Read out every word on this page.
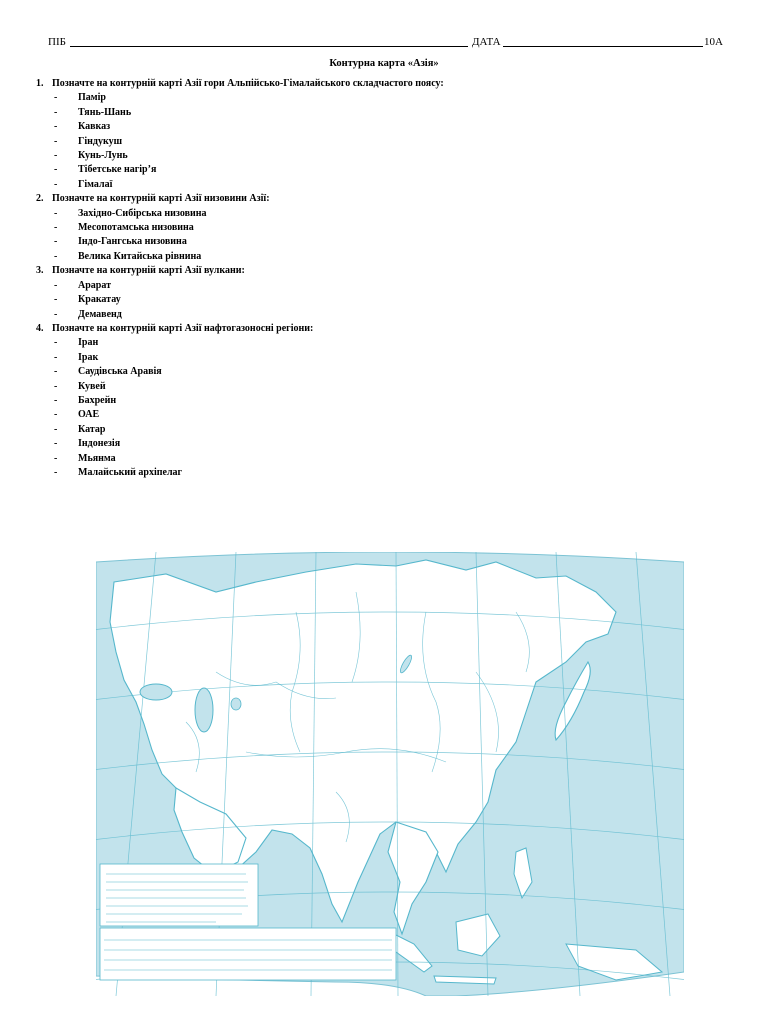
ПІБ	ДАТА	10А
Контурна карта «Азія»
1. Позначте на контурній карті Азії гори Альпійсько-Гімалайського складчастого поясу:
-	Памір
-	Тянь-Шань
-	Кавказ
-	Гіндукуш
-	Кунь-Лунь
-	Тібетське нагір’я
-	Гімалаї
2. Позначте на контурній карті Азії низовини Азії:
-	Західно-Сибірська низовина
-	Месопотамська низовина
-	Індо-Гангська низовина
-	Велика Китайська рівнина
3. Позначте на контурній карті Азії вулкани:
-	Арарат
-	Кракатау
-	Демавенд
4. Позначте на контурній карті Азії нафтогазоносні регіони:
-	Іран
-	Ірак
-	Саудівська Аравія
-	Кувей
-	Бахрейн
-	ОАЕ
-	Катар
-	Індонезія
-	Мьянма
-	Малайський архіпелаг
